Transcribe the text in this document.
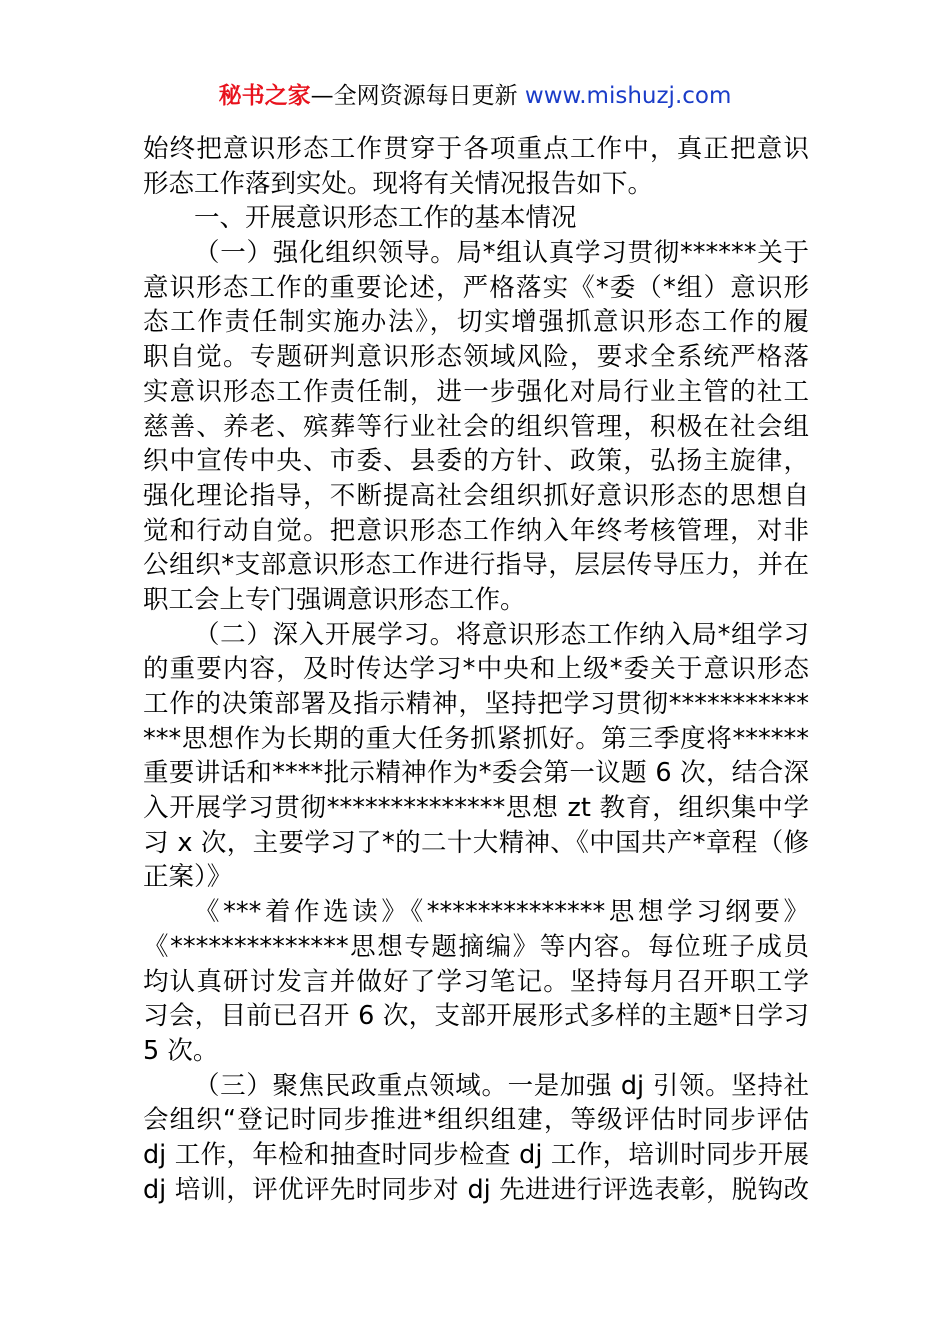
秘书之家—全网资源每日更新 www.mishuzj.com
始终把意识形态工作贯穿于各项重点工作中，真正把意识
形态工作落到实处。现将有关情况报告如下。
一、开展意识形态工作的基本情况
（一）强化组织领导。局*组认真学习贯彻******关于
意识形态工作的重要论述，严格落实《*委（*组）意识形
态工作责任制实施办法》，切实增强抓意识形态工作的履
职自觉。专题研判意识形态领域风险，要求全系统严格落
实意识形态工作责任制，进一步强化对局行业主管的社工
慈善、养老、殡葬等行业社会的组织管理，积极在社会组
织中宣传中央、市委、县委的方针、政策，弘扬主旋律，
强化理论指导，不断提高社会组织抓好意识形态的思想自
觉和行动自觉。把意识形态工作纳入年终考核管理，对非
公组织*支部意识形态工作进行指导，层层传导压力，并在
职工会上专门强调意识形态工作。
（二）深入开展学习。将意识形态工作纳入局*组学习
的重要内容，及时传达学习*中央和上级*委关于意识形态
工作的决策部署及指示精神，坚持把学习贯彻***********
***思想作为长期的重大任务抓紧抓好。第三季度将******
重要讲话和****批示精神作为*委会第一议题 6 次，结合深
入开展学习贯彻**************思想 zt 教育，组织集中学
习 x 次，主要学习了*的二十大精神、《中国共产*章程（修
正案）》
《***着作选读》《**************思想学习纲要》
《**************思想专题摘编》等内容。每位班子成员
均认真研讨发言并做好了学习笔记。坚持每月召开职工学
习会，目前已召开 6 次，支部开展形式多样的主题*日学习
5 次。
（三）聚焦民政重点领域。一是加强 dj 引领。坚持社
会组织“登记时同步推进*组织组建，等级评估时同步评估
dj 工作，年检和抽查时同步检查 dj 工作，培训时同步开展
dj 培训，评优评先时同步对 dj 先进进行评选表彰，脱钩改
